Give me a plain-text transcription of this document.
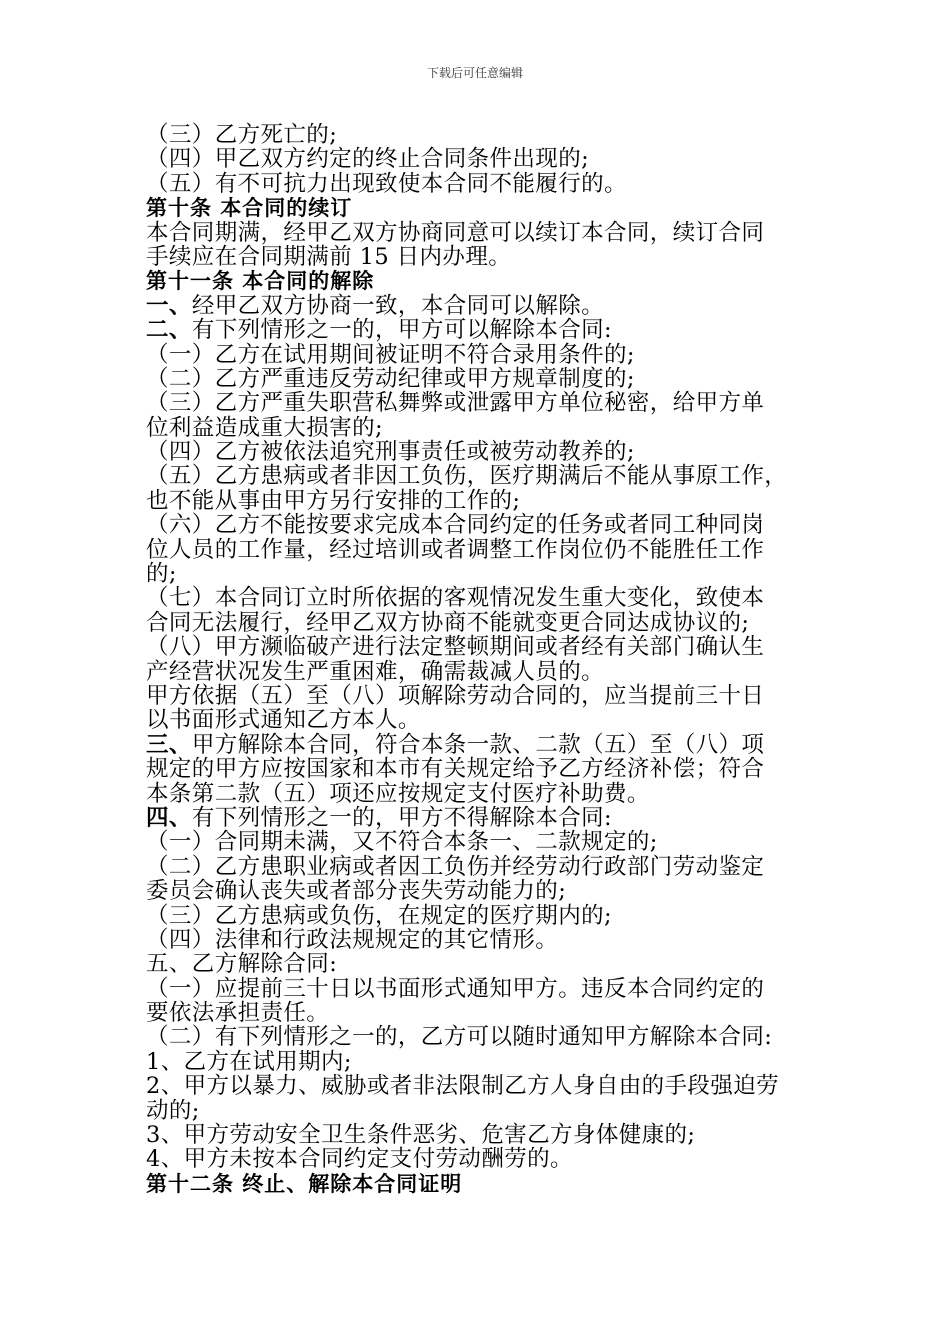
下载后可任意编辑
（三）乙方死亡的;
（四）甲乙双方约定的终止合同条件出现的;
（五）有不可抗力出现致使本合同不能履行的。
第十条 本合同的续订
本合同期满，经甲乙双方协商同意可以续订本合同，续订合同
手续应在合同期满前 15 日内办理。
第十一条 本合同的解除
一、经甲乙双方协商一致，本合同可以解除。
二、有下列情形之一的，甲方可以解除本合同:
（一）乙方在试用期间被证明不符合录用条件的;
（二）乙方严重违反劳动纪律或甲方规章制度的;
（三）乙方严重失职营私舞弊或泄露甲方单位秘密，给甲方单
位利益造成重大损害的;
（四）乙方被依法追究刑事责任或被劳动教养的;
（五）乙方患病或者非因工负伤，医疗期满后不能从事原工作，
也不能从事由甲方另行安排的工作的;
（六）乙方不能按要求完成本合同约定的任务或者同工种同岗
位人员的工作量，经过培训或者调整工作岗位仍不能胜任工作
的;
（七）本合同订立时所依据的客观情况发生重大变化，致使本
合同无法履行，经甲乙双方协商不能就变更合同达成协议的;
（八）甲方濒临破产进行法定整顿期间或者经有关部门确认生
产经营状况发生严重困难，确需裁减人员的。
甲方依据（五）至（八）项解除劳动合同的，应当提前三十日
以书面形式通知乙方本人。
三、甲方解除本合同，符合本条一款、二款（五）至（八）项
规定的甲方应按国家和本市有关规定给予乙方经济补偿；符合
本条第二款（五）项还应按规定支付医疗补助费。
四、有下列情形之一的，甲方不得解除本合同:
（一）合同期未满，又不符合本条一、二款规定的;
（二）乙方患职业病或者因工负伤并经劳动行政部门劳动鉴定
委员会确认丧失或者部分丧失劳动能力的;
（三）乙方患病或负伤，在规定的医疗期内的;
（四）法律和行政法规规定的其它情形。
五、乙方解除合同:
（一）应提前三十日以书面形式通知甲方。违反本合同约定的
要依法承担责任。
（二）有下列情形之一的，乙方可以随时通知甲方解除本合同:
1、乙方在试用期内;
2、甲方以暴力、威胁或者非法限制乙方人身自由的手段强迫劳
动的;
3、甲方劳动安全卫生条件恶劣、危害乙方身体健康的;
4、甲方未按本合同约定支付劳动酬劳的。
第十二条 终止、解除本合同证明
